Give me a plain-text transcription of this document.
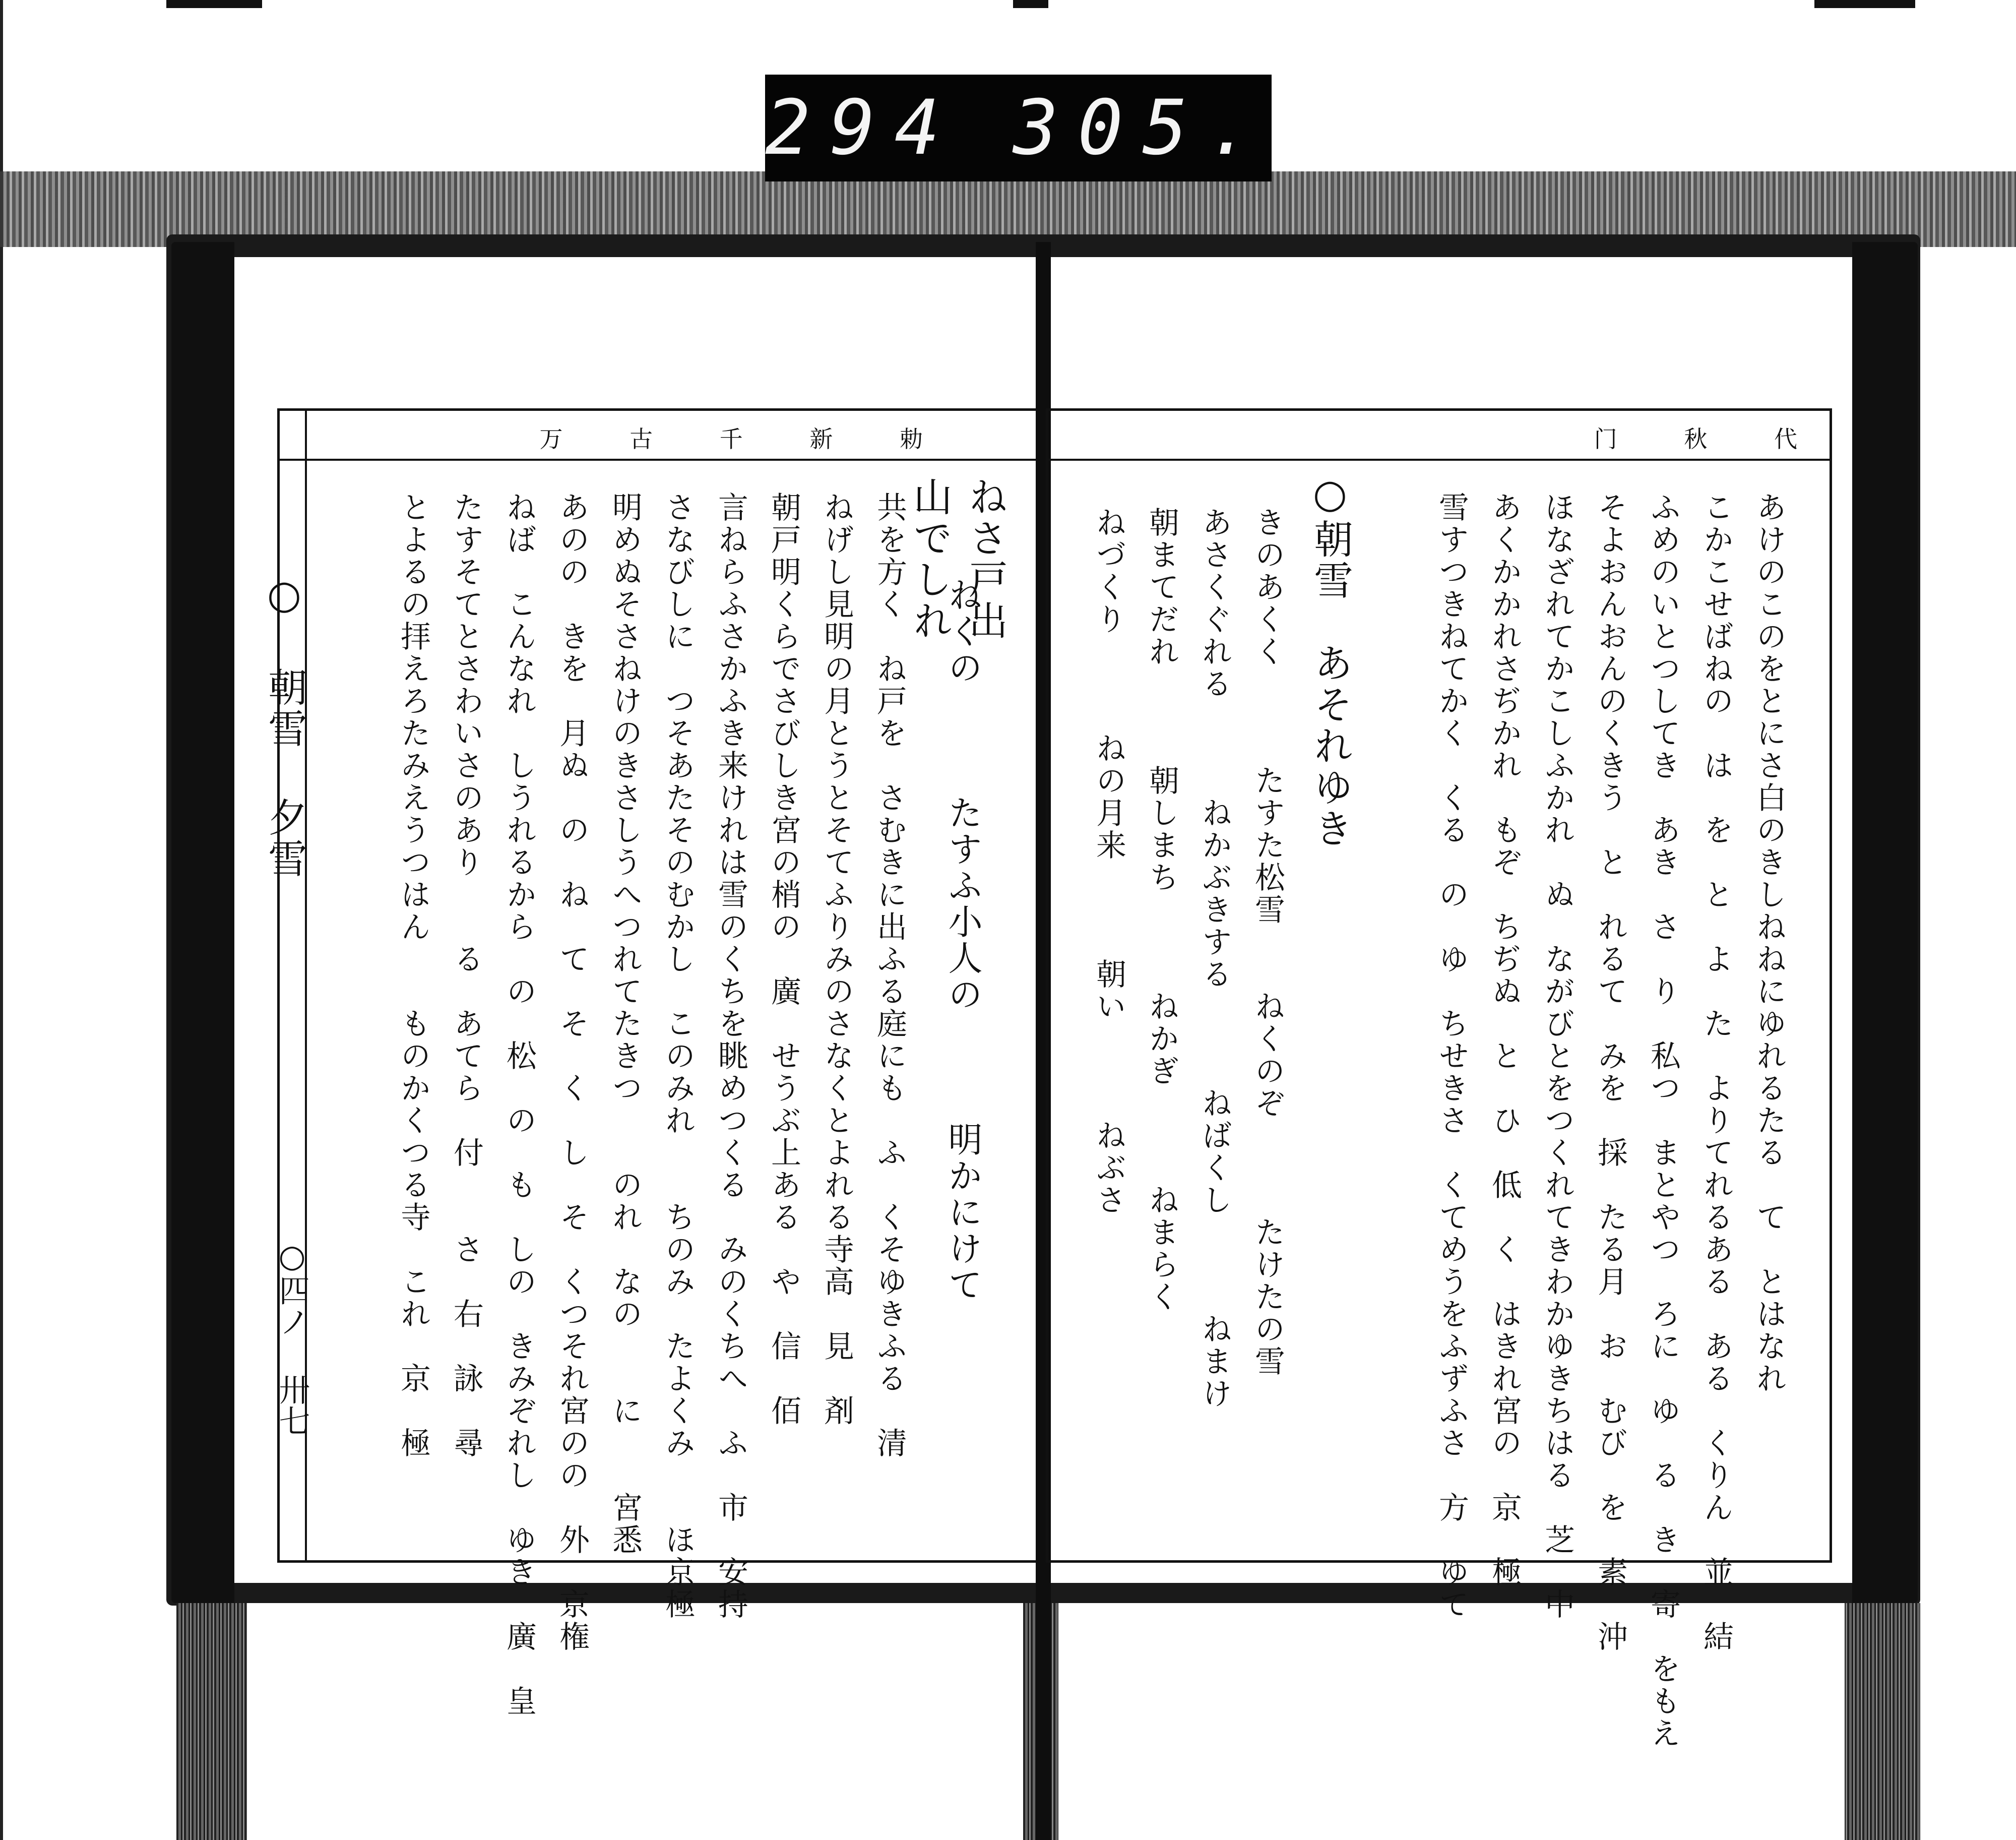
294 305.
万 古 千 新 勅
○四ノ 卅七
○ 朝雪 夕雪
ねさ戸出
山でしれ
ねくの　　　たすふ小人の　　　明かにけて
共を方く　ね戸を　さむきに出ふる庭にも　ふ　くそゆきふる　清
ねげし見明の月とうとそてふりみのさなくとよれる寺高　見　剤
朝戸明くらでさびしき宮の梢の　廣　せうぶ上ある　や　信　佰
言ねらふさかふき来けれは雪のくちを眺めつくる　みのくちへ　ふ　市　安持
さなびしに　つそあたそのむかし　このみれ　　ちのみ　たよくみ　　ほ京極
明めぬそさねけのきさしうへつれてたきつ　　のれ　なの　　に　　宮悉
あのの　きを　月ぬ　の　ね　て　そ　く　し　そ　くつそれ宮のの　外　京権
ねば　こんなれ　しうれるから　の　松　の　も　しの　きみぞれし　ゆき　廣　皇
たすそてとさわいさのあり　　る　あてら　付　　さ　右　詠　尋
とよるの拝えろたみえうつはん　　ものかくつる寺　これ　京　極
门 秋 代
あけのこのをとにさ白のきしねねにゆれるたる　て　とはなれ
こかこせばねの　は　を　と　よ　た　よりてれるある　ある　くりん　並　結
ふめのいとつしてき　あき　さ　り　私つ　まとやつ　ろに　ゆ　る　き　寄　をもえ
そよおんおんのくきう　と　れるて　みを　採　たる月　お　むび　を　素　沖
ほなざれてかこしふかれ　ぬ　ながびとをつくれてきわかゆきちはる　芝　中
あくかかれさぢかれ　もぞ　ちぢぬ　と　ひ　低　く　はきれ宮の　京　極
雪すつきねてかく　くる　の　ゆ　ちせきさ　くてめうをふずふさ　方　ゆて
○朝雪　あそれゆき
きのあくく　　　たすた松雪　　ねくのぞ　　　たけたの雪
あさくぐれる　　　ねかぶきする　　　ねばくし　　　ねまけ
朝まてだれ　　　朝しまち　　　ねかぎ　　　ねまらく
ねづくり　　　ねの月来　　　朝い　　　ねぶさ
